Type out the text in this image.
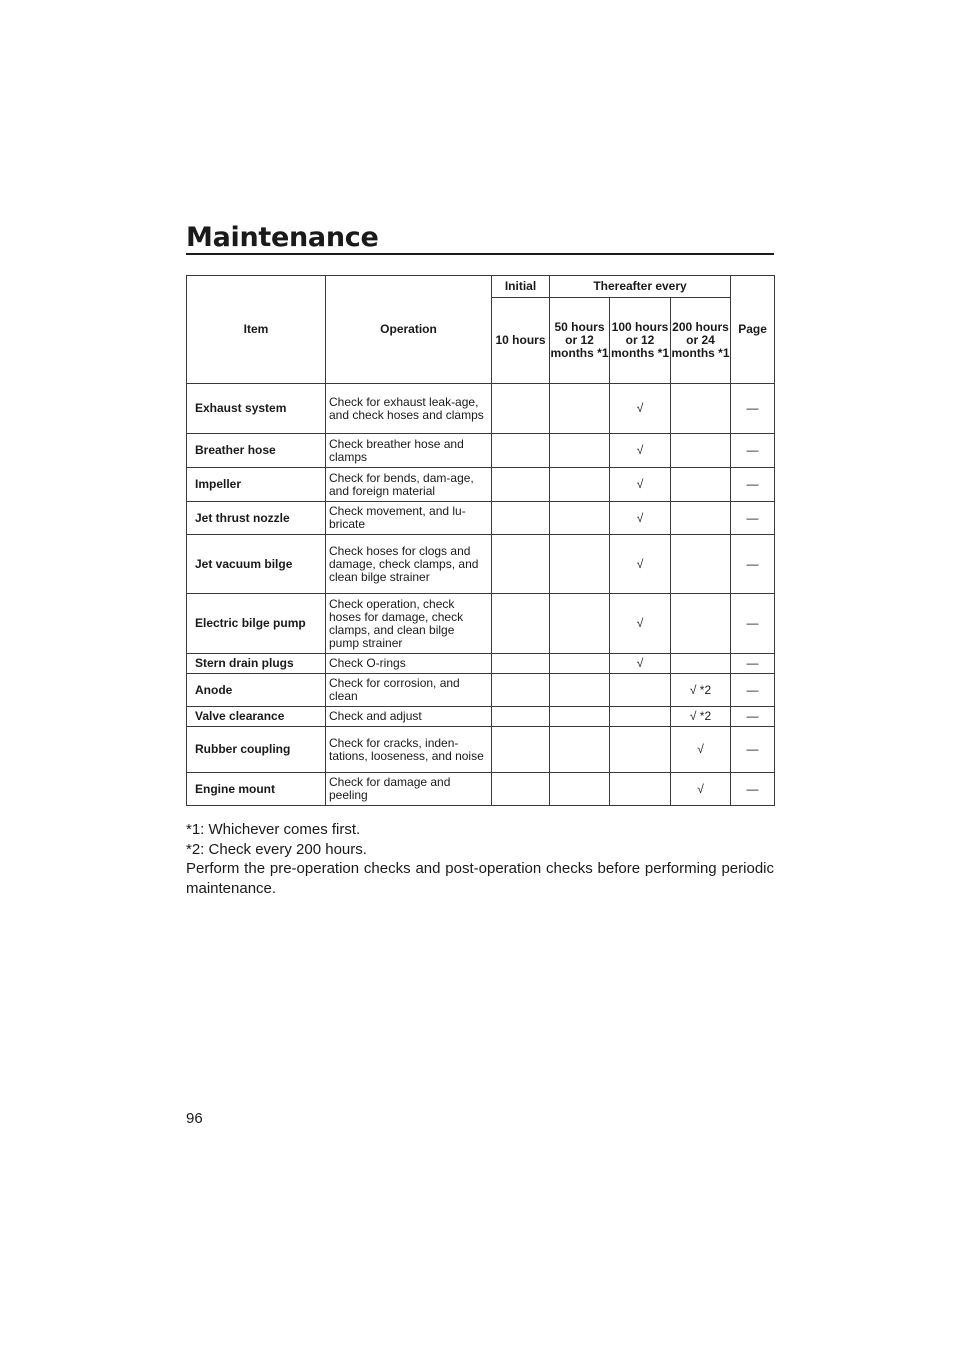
Maintenance
Item	Operation	Initial	Thereafter every			Page
		10 hours	50 hours or 12 months *1	100 hours or 12 months *1	200 hours or 24 months *1	
Exhaust system	Check for exhaust leak-age, and check hoses and clamps			√		—
Breather hose	Check breather hose and clamps			√		—
Impeller	Check for bends, dam-age, and foreign material			√		—
Jet thrust nozzle	Check movement, and lu-bricate			√		—
Jet vacuum bilge	Check hoses for clogs and damage, check clamps, and clean bilge strainer			√		—
Electric bilge pump	Check operation, check hoses for damage, check clamps, and clean bilge pump strainer			√		—
Stern drain plugs	Check O-rings			√		—
Anode	Check for corrosion, and clean				√ *2	—
Valve clearance	Check and adjust				√ *2	—
Rubber coupling	Check for cracks, inden-tations, looseness, and noise				√	—
Engine mount	Check for damage and peeling				√	—

*1: Whichever comes first.

*2: Check every 200 hours.

Perform the pre-operation checks and post-operation checks before performing periodic maintenance.

96
